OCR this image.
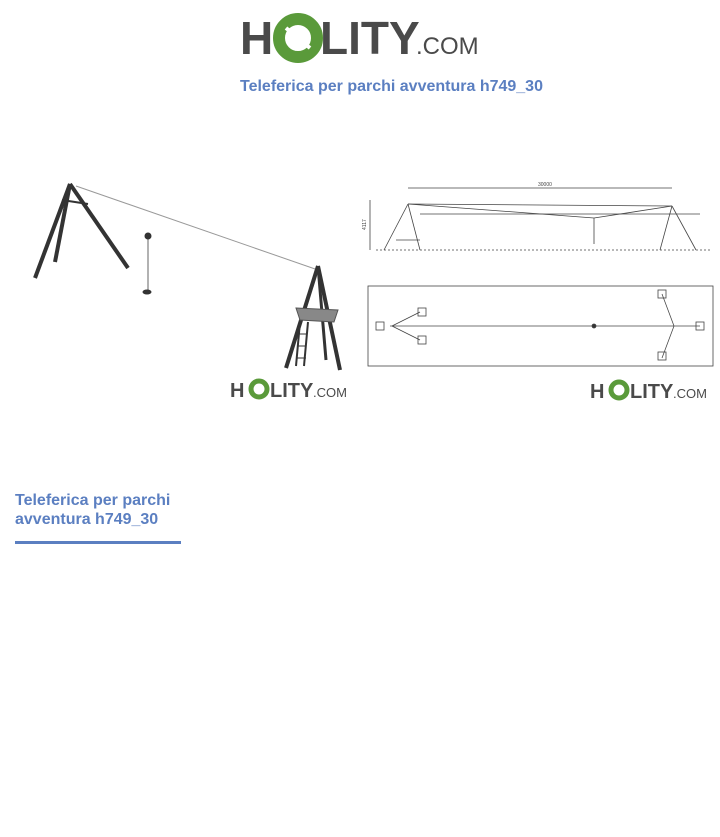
H LITY
.COM
Teleferica per parchi avventura h749_30
H LITY .COM
30000
4117
H LITY .COM
Teleferica per parchi avventura h749_30
